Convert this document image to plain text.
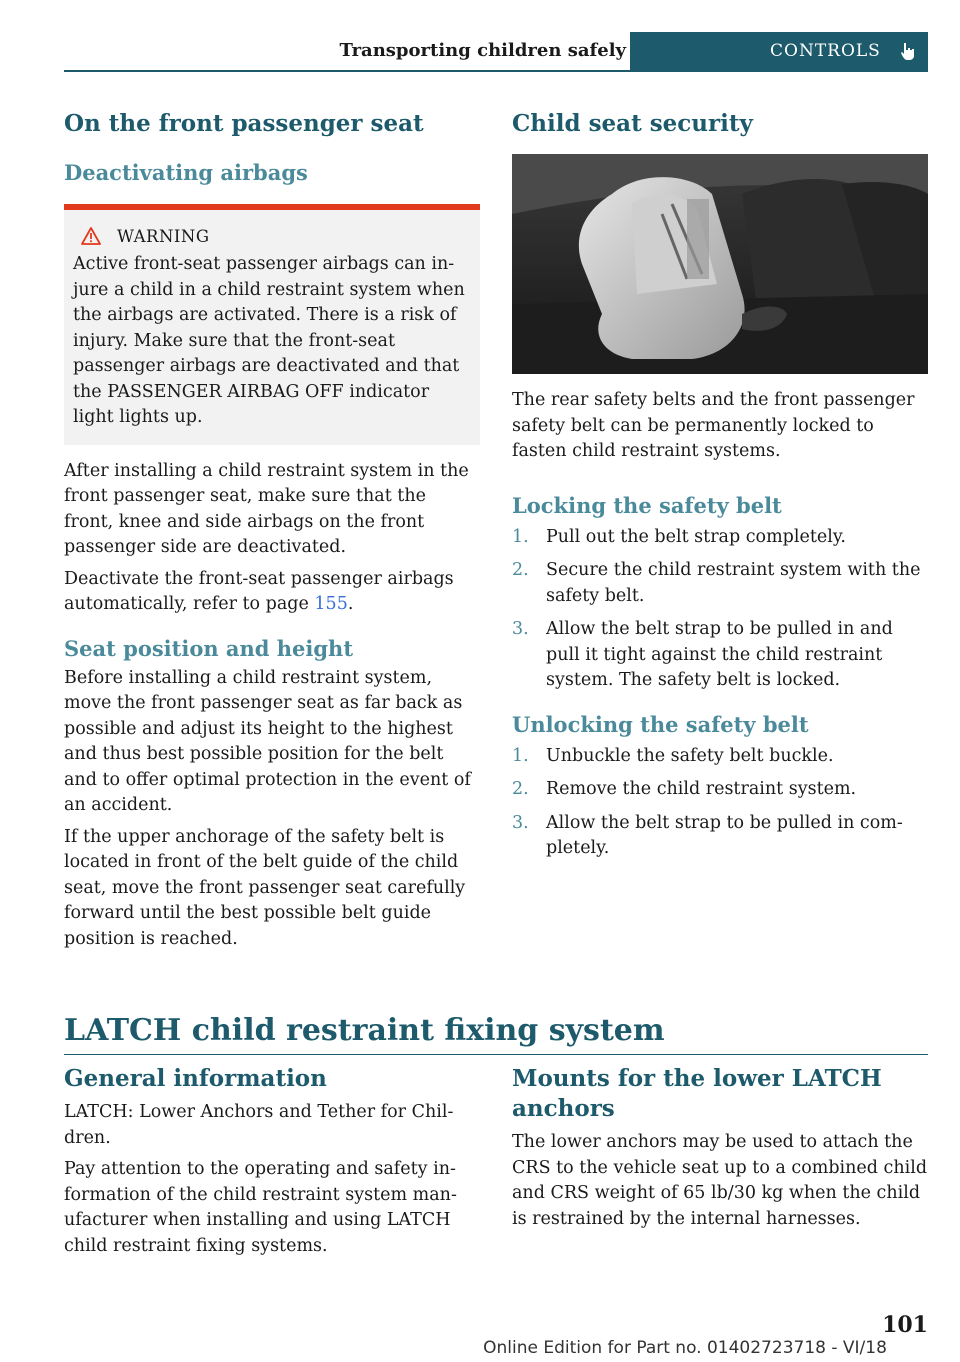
Transporting children safely	CONTROLS
On the front passenger seat
Deactivating airbags
WARNING

Active front-seat passenger airbags can injure a child in a child restraint system when the airbags are activated. There is a risk of injury. Make sure that the front-seat passenger airbags are deactivated and that the PASSENGER AIRBAG OFF indicator light lights up.

After installing a child restraint system in the front passenger seat, make sure that the front, knee and side airbags on the front passenger side are deactivated.

Deactivate the front-seat passenger airbags automatically, refer to page 155.

Seat position and height

Before installing a child restraint system, move the front passenger seat as far back as possible and adjust its height to the highest and thus best possible position for the belt and to offer optimal protection in the event of an accident.

If the upper anchorage of the safety belt is located in front of the belt guide of the child seat, move the front passenger seat carefully forward until the best possible belt guide position is reached.

Child seat security

The rear safety belts and the front passenger safety belt can be permanently locked to fasten child restraint systems.

Locking the safety belt
1. Pull out the belt strap completely.
2. Secure the child restraint system with the safety belt.
3. Allow the belt strap to be pulled in and pull it tight against the child restraint system. The safety belt is locked.
Unlocking the safety belt
1. Unbuckle the safety belt buckle.
2. Remove the child restraint system.
3. Allow the belt strap to be pulled in completely.
LATCH child restraint fixing system
General information

LATCH: Lower Anchors and Tether for Children.

Pay attention to the operating and safety information of the child restraint system manufacturer when installing and using LATCH child restraint fixing systems.

Mounts for the lower LATCH anchors

The lower anchors may be used to attach the CRS to the vehicle seat up to a combined child and CRS weight of 65 lb/30 kg when the child is restrained by the internal harnesses.

101
Online Edition for Part no. 01402723718 - VI/18
